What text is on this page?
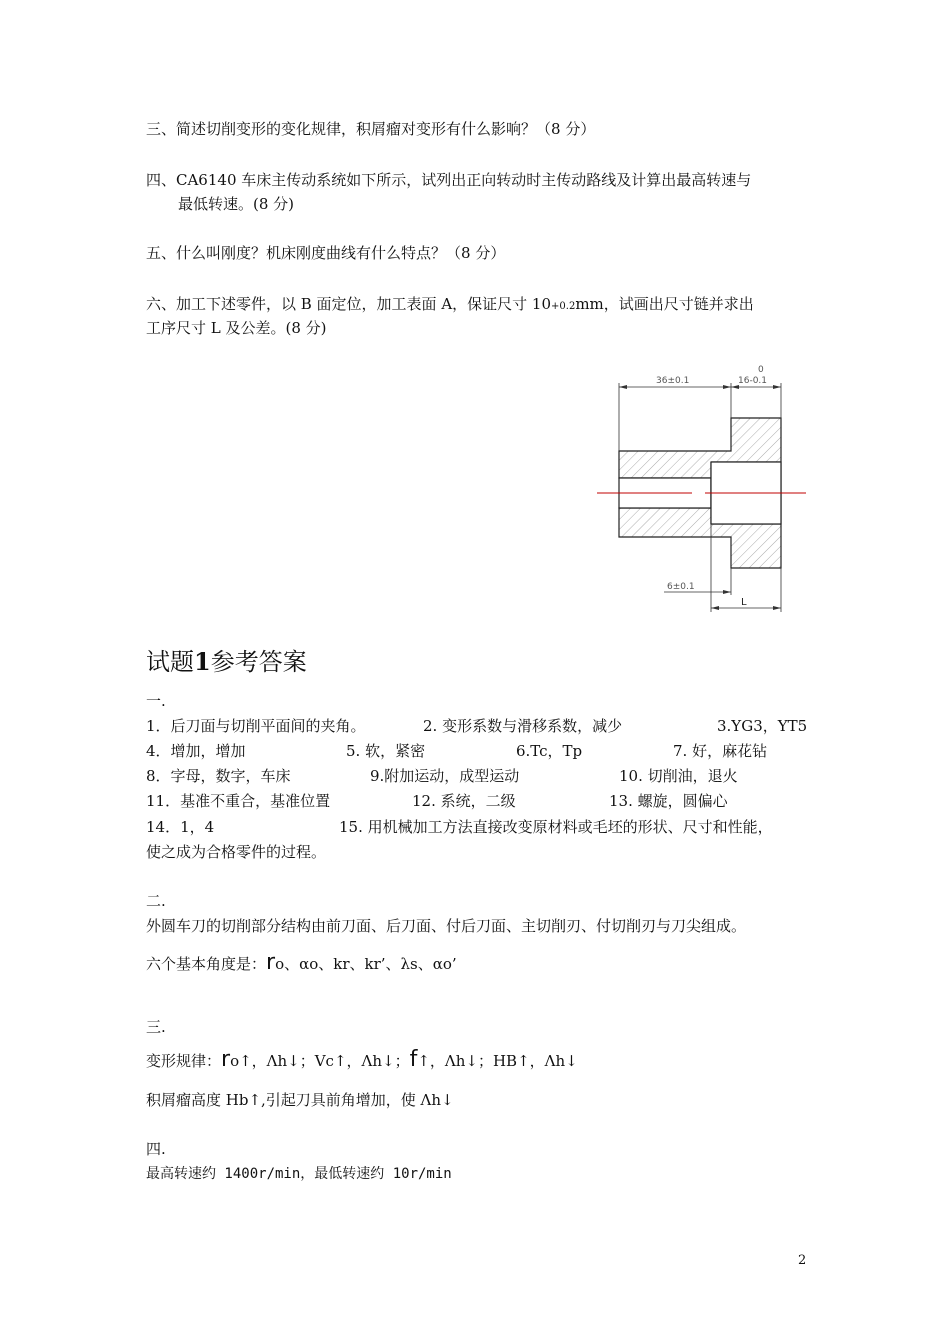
三、简述切削变形的变化规律，积屑瘤对变形有什么影响？（8 分）
四、CA6140 车床主传动系统如下所示，试列出正向转动时主传动路线及计算出最高转速与
最低转速。(8 分)
五、什么叫刚度？机床刚度曲线有什么特点？（8 分）
六、加工下述零件，以 B 面定位，加工表面 A，保证尺寸 10+0.2mm，试画出尺寸链并求出
工序尺寸 L 及公差。(8 分)
36±0.1
0
16-0.1
6±0.1
L
试题1参考答案
一.
1．后刀面与切削平面间的夹角。	2. 变形系数与滑移系数，减少	3.YG3，YT5
4．增加，增加	5. 软，紧密	6.Tc，Tp	7. 好，麻花钻
8．字母，数字，车床	9.附加运动，成型运动	10. 切削油，退火
11．基准不重合，基准位置	12. 系统，二级	13. 螺旋，圆偏心
14．1，4	15. 用机械加工方法直接改变原材料或毛坯的形状、尺寸和性能，
使之成为合格零件的过程。
二.
外圆车刀的切削部分结构由前刀面、后刀面、付后刀面、主切削刃、付切削刃与刀尖组成。
六个基本角度是：ro、αo、kr、kr’、λs、αo’
三.
变形规律：ro↑，Λh↓；Vc↑，Λh↓；f↑，Λh↓；HB↑，Λh↓
积屑瘤高度 Hb↑,引起刀具前角增加，使 Λh↓
四.
最高转速约 1400r/min，最低转速约 10r/min
2
